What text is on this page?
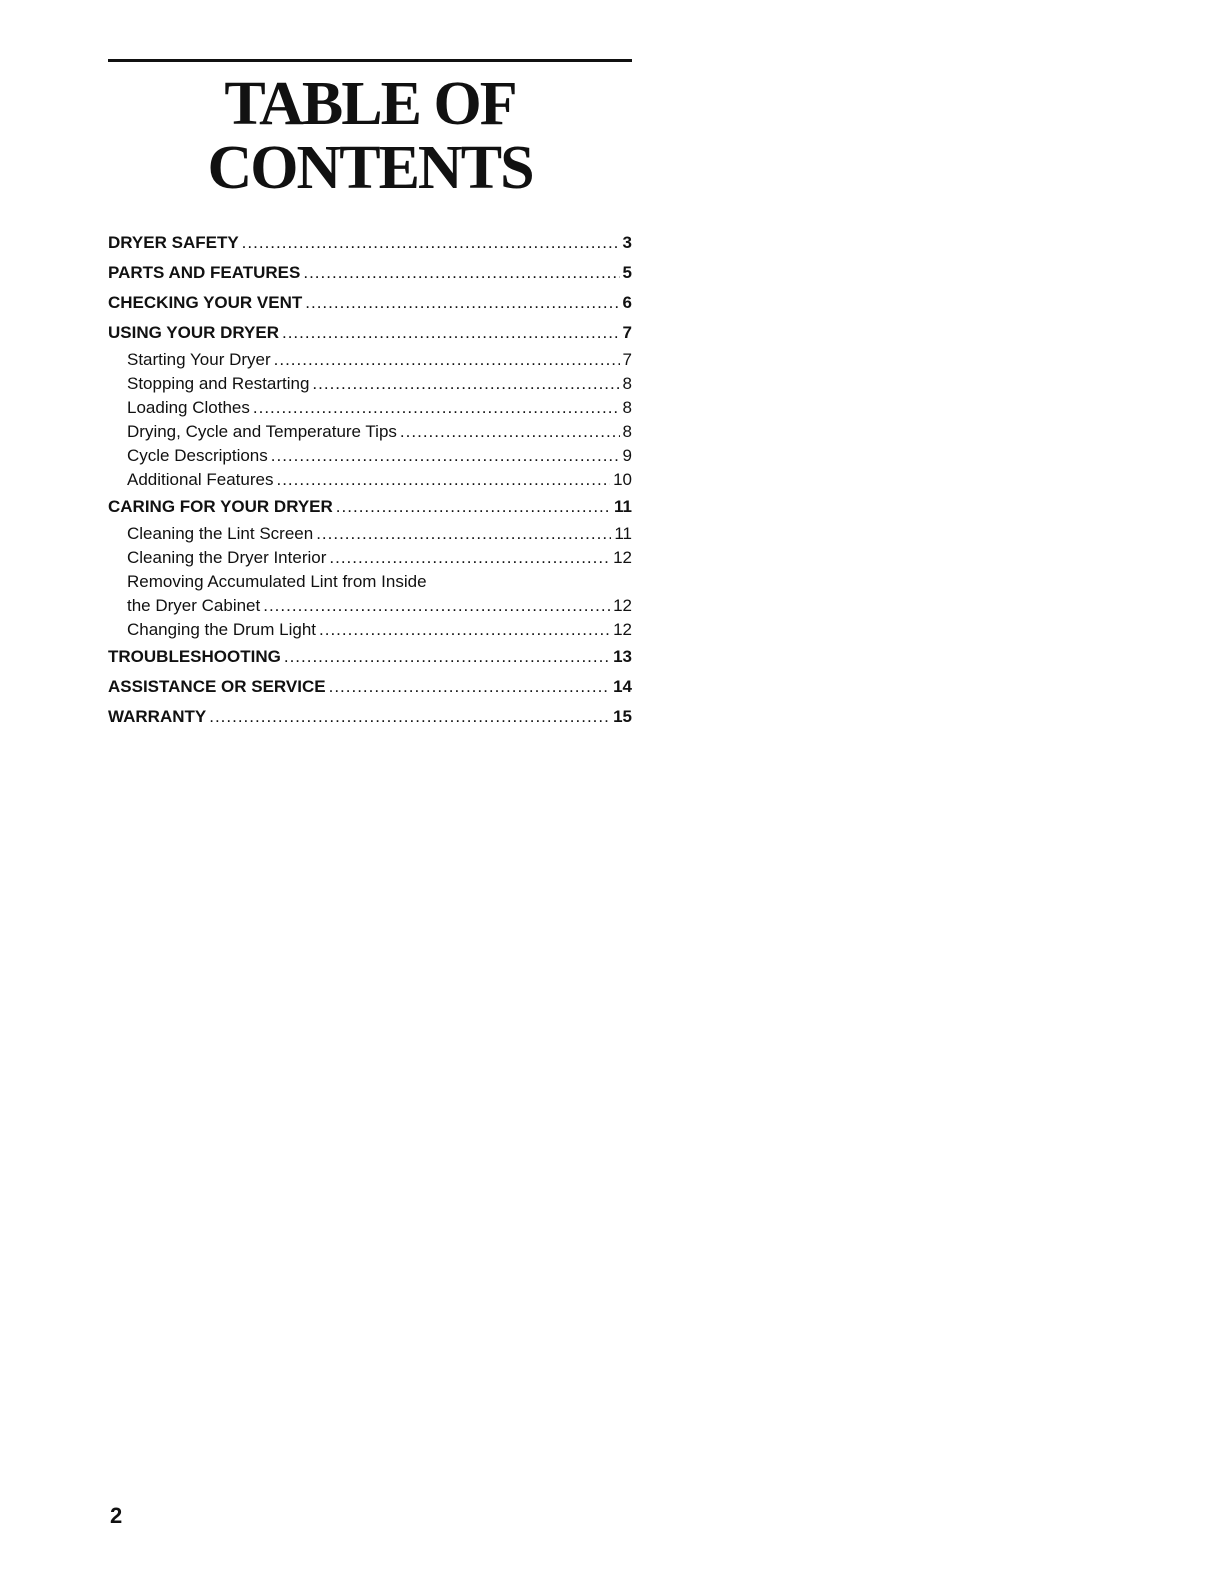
TABLE OF
CONTENTS
DRYER SAFETY .....	3
PARTS AND FEATURES .....	5
CHECKING YOUR VENT .....	6
USING YOUR DRYER .....	7
Starting Your Dryer .....	7
Stopping and Restarting .....	8
Loading Clothes .....	8
Drying, Cycle and Temperature Tips .....	8
Cycle Descriptions .....	9
Additional Features .....	10
CARING FOR YOUR DRYER .....	11
Cleaning the Lint Screen .....	11
Cleaning the Dryer Interior .....	12
Removing Accumulated Lint from Inside
the Dryer Cabinet .....	12
Changing the Drum Light .....	12
TROUBLESHOOTING .....	13
ASSISTANCE OR SERVICE .....	14
WARRANTY .....	15
2
